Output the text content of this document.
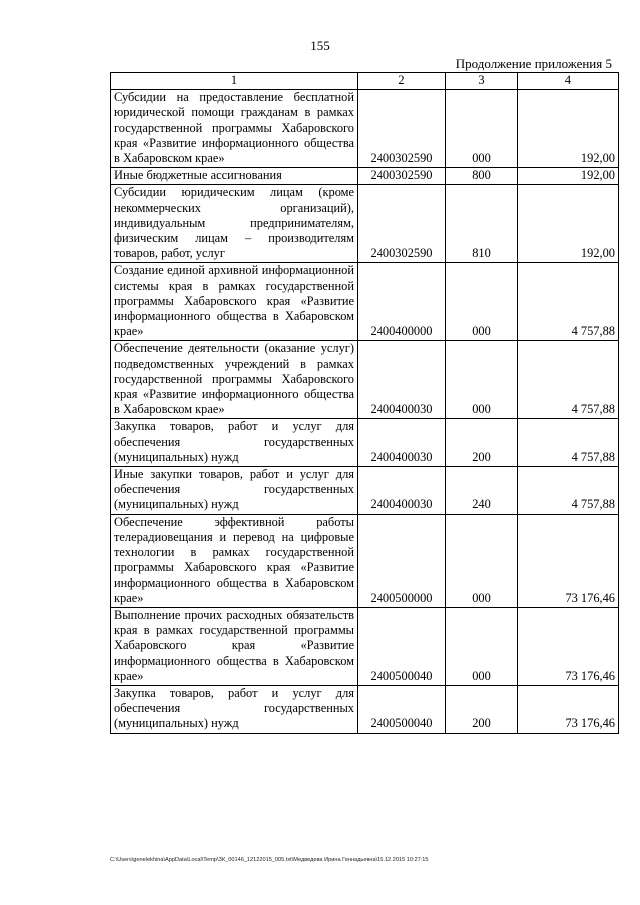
155
Продолжение приложения 5
1	2	3	4
Субсидии на предоставление бесплатной юридической помощи гражданам в рамках государственной программы Хабаровского края «Развитие информационного общества в Хабаровском крае»	2400302590	000	192,00
Иные бюджетные ассигнования	2400302590	800	192,00
Субсидии юридическим лицам (кроме некоммерческих организаций), индивидуальным предпринимателям, физическим лицам – производителям товаров, работ, услуг	2400302590	810	192,00
Создание единой архивной информационной системы края в рамках государственной программы Хабаровского края «Развитие информационного общества в Хабаровском крае»	2400400000	000	4 757,88
Обеспечение деятельности (оказание услуг) подведомственных учреждений в рамках государственной программы Хабаровского края «Развитие информационного общества в Хабаровском крае»	2400400030	000	4 757,88
Закупка товаров, работ и услуг для обеспечения государственных (муниципальных) нужд	2400400030	200	4 757,88
Иные закупки товаров, работ и услуг для обеспечения государственных (муниципальных) нужд	2400400030	240	4 757,88
Обеспечение эффективной работы телерадиовещания и перевод на цифровые технологии в рамках государственной программы Хабаровского края «Развитие информационного общества в Хабаровском крае»	2400500000	000	73 176,46
Выполнение прочих расходных обязательств края в рамках государственной программы Хабаровского края «Развитие информационного общества в Хабаровском крае»	2400500040	000	73 176,46
Закупка товаров, работ и услуг для обеспечения государственных (муниципальных) нужд	2400500040	200	73 176,46
C:\Users\genelekhina\AppData\Local\Temp\ЗК_00146_12122015_005.txt\Медведева Ирина Геннадьевна\15.12.2015 10:27:15
